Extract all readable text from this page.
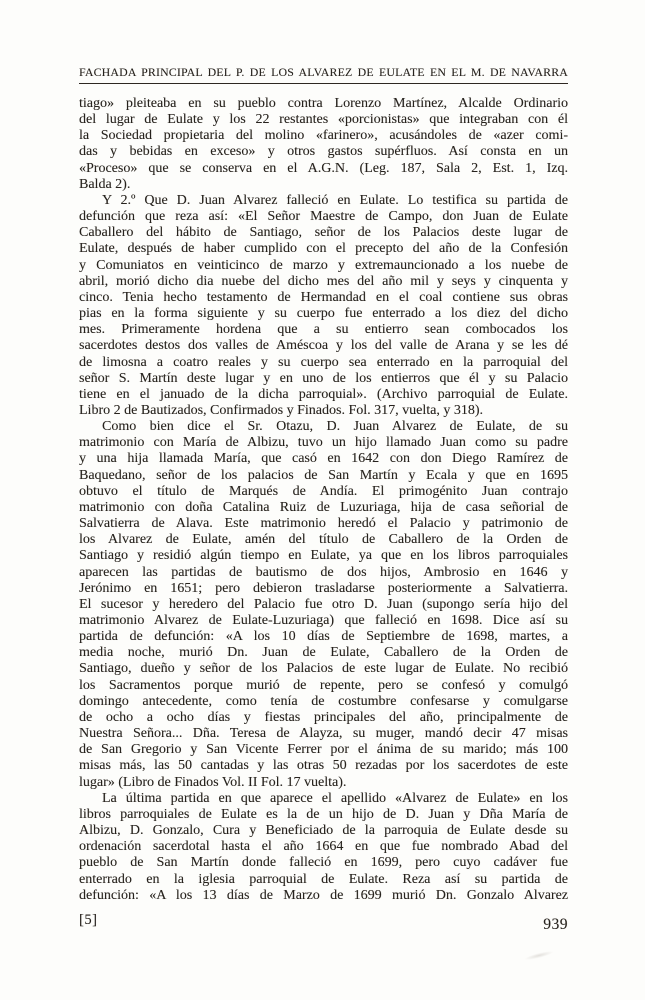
FACHADA PRINCIPAL DEL P. DE LOS ALVAREZ DE EULATE EN EL M. DE NAVARRA
tiago» pleiteaba en su pueblo contra Lorenzo Martínez, Alcalde Ordinario
del lugar de Eulate y los 22 restantes «porcionistas» que integraban con él
la Sociedad propietaria del molino «farinero», acusándoles de «azer comi-
das y bebidas en exceso» y otros gastos supérfluos. Así consta en un
«Proceso» que se conserva en el A.G.N. (Leg. 187, Sala 2, Est. 1, Izq.
Balda 2).
Y 2.º Que D. Juan Alvarez falleció en Eulate. Lo testifica su partida de
defunción que reza así: «El Señor Maestre de Campo, don Juan de Eulate
Caballero del hábito de Santiago, señor de los Palacios deste lugar de
Eulate, después de haber cumplido con el precepto del año de la Confesión
y Comuniatos en veinticinco de marzo y extremauncionado a los nuebe de
abril, morió dicho dia nuebe del dicho mes del año mil y seys y cinquenta y
cinco. Tenia hecho testamento de Hermandad en el coal contiene sus obras
pias en la forma siguiente y su cuerpo fue enterrado a los diez del dicho
mes. Primeramente hordena que a su entierro sean combocados los
sacerdotes destos dos valles de Améscoa y los del valle de Arana y se les dé
de limosna a coatro reales y su cuerpo sea enterrado en la parroquial del
señor S. Martín deste lugar y en uno de los entierros que él y su Palacio
tiene en el januado de la dicha parroquial». (Archivo parroquial de Eulate.
Libro 2 de Bautizados, Confirmados y Finados. Fol. 317, vuelta, y 318).
Como bien dice el Sr. Otazu, D. Juan Alvarez de Eulate, de su
matrimonio con María de Albizu, tuvo un hijo llamado Juan como su padre
y una hija llamada María, que casó en 1642 con don Diego Ramírez de
Baquedano, señor de los palacios de San Martín y Ecala y que en 1695
obtuvo el título de Marqués de Andía. El primogénito Juan contrajo
matrimonio con doña Catalina Ruiz de Luzuriaga, hija de casa señorial de
Salvatierra de Alava. Este matrimonio heredó el Palacio y patrimonio de
los Alvarez de Eulate, amén del título de Caballero de la Orden de
Santiago y residió algún tiempo en Eulate, ya que en los libros parroquiales
aparecen las partidas de bautismo de dos hijos, Ambrosio en 1646 y
Jerónimo en 1651; pero debieron trasladarse posteriormente a Salvatierra.
El sucesor y heredero del Palacio fue otro D. Juan (supongo sería hijo del
matrimonio Alvarez de Eulate-Luzuriaga) que falleció en 1698. Dice así su
partida de defunción: «A los 10 días de Septiembre de 1698, martes, a
media noche, murió Dn. Juan de Eulate, Caballero de la Orden de
Santiago, dueño y señor de los Palacios de este lugar de Eulate. No recibió
los Sacramentos porque murió de repente, pero se confesó y comulgó
domingo antecedente, como tenía de costumbre confesarse y comulgarse
de ocho a ocho días y fiestas principales del año, principalmente de
Nuestra Señora... Dña. Teresa de Alayza, su muger, mandó decir 47 misas
de San Gregorio y San Vicente Ferrer por el ánima de su marido; más 100
misas más, las 50 cantadas y las otras 50 rezadas por los sacerdotes de este
lugar» (Libro de Finados Vol. II Fol. 17 vuelta).
La última partida en que aparece el apellido «Alvarez de Eulate» en los
libros parroquiales de Eulate es la de un hijo de D. Juan y Dña María de
Albizu, D. Gonzalo, Cura y Beneficiado de la parroquia de Eulate desde su
ordenación sacerdotal hasta el año 1664 en que fue nombrado Abad del
pueblo de San Martín donde falleció en 1699, pero cuyo cadáver fue
enterrado en la iglesia parroquial de Eulate. Reza así su partida de
defunción: «A los 13 días de Marzo de 1699 murió Dn. Gonzalo Alvarez
[5]	939
